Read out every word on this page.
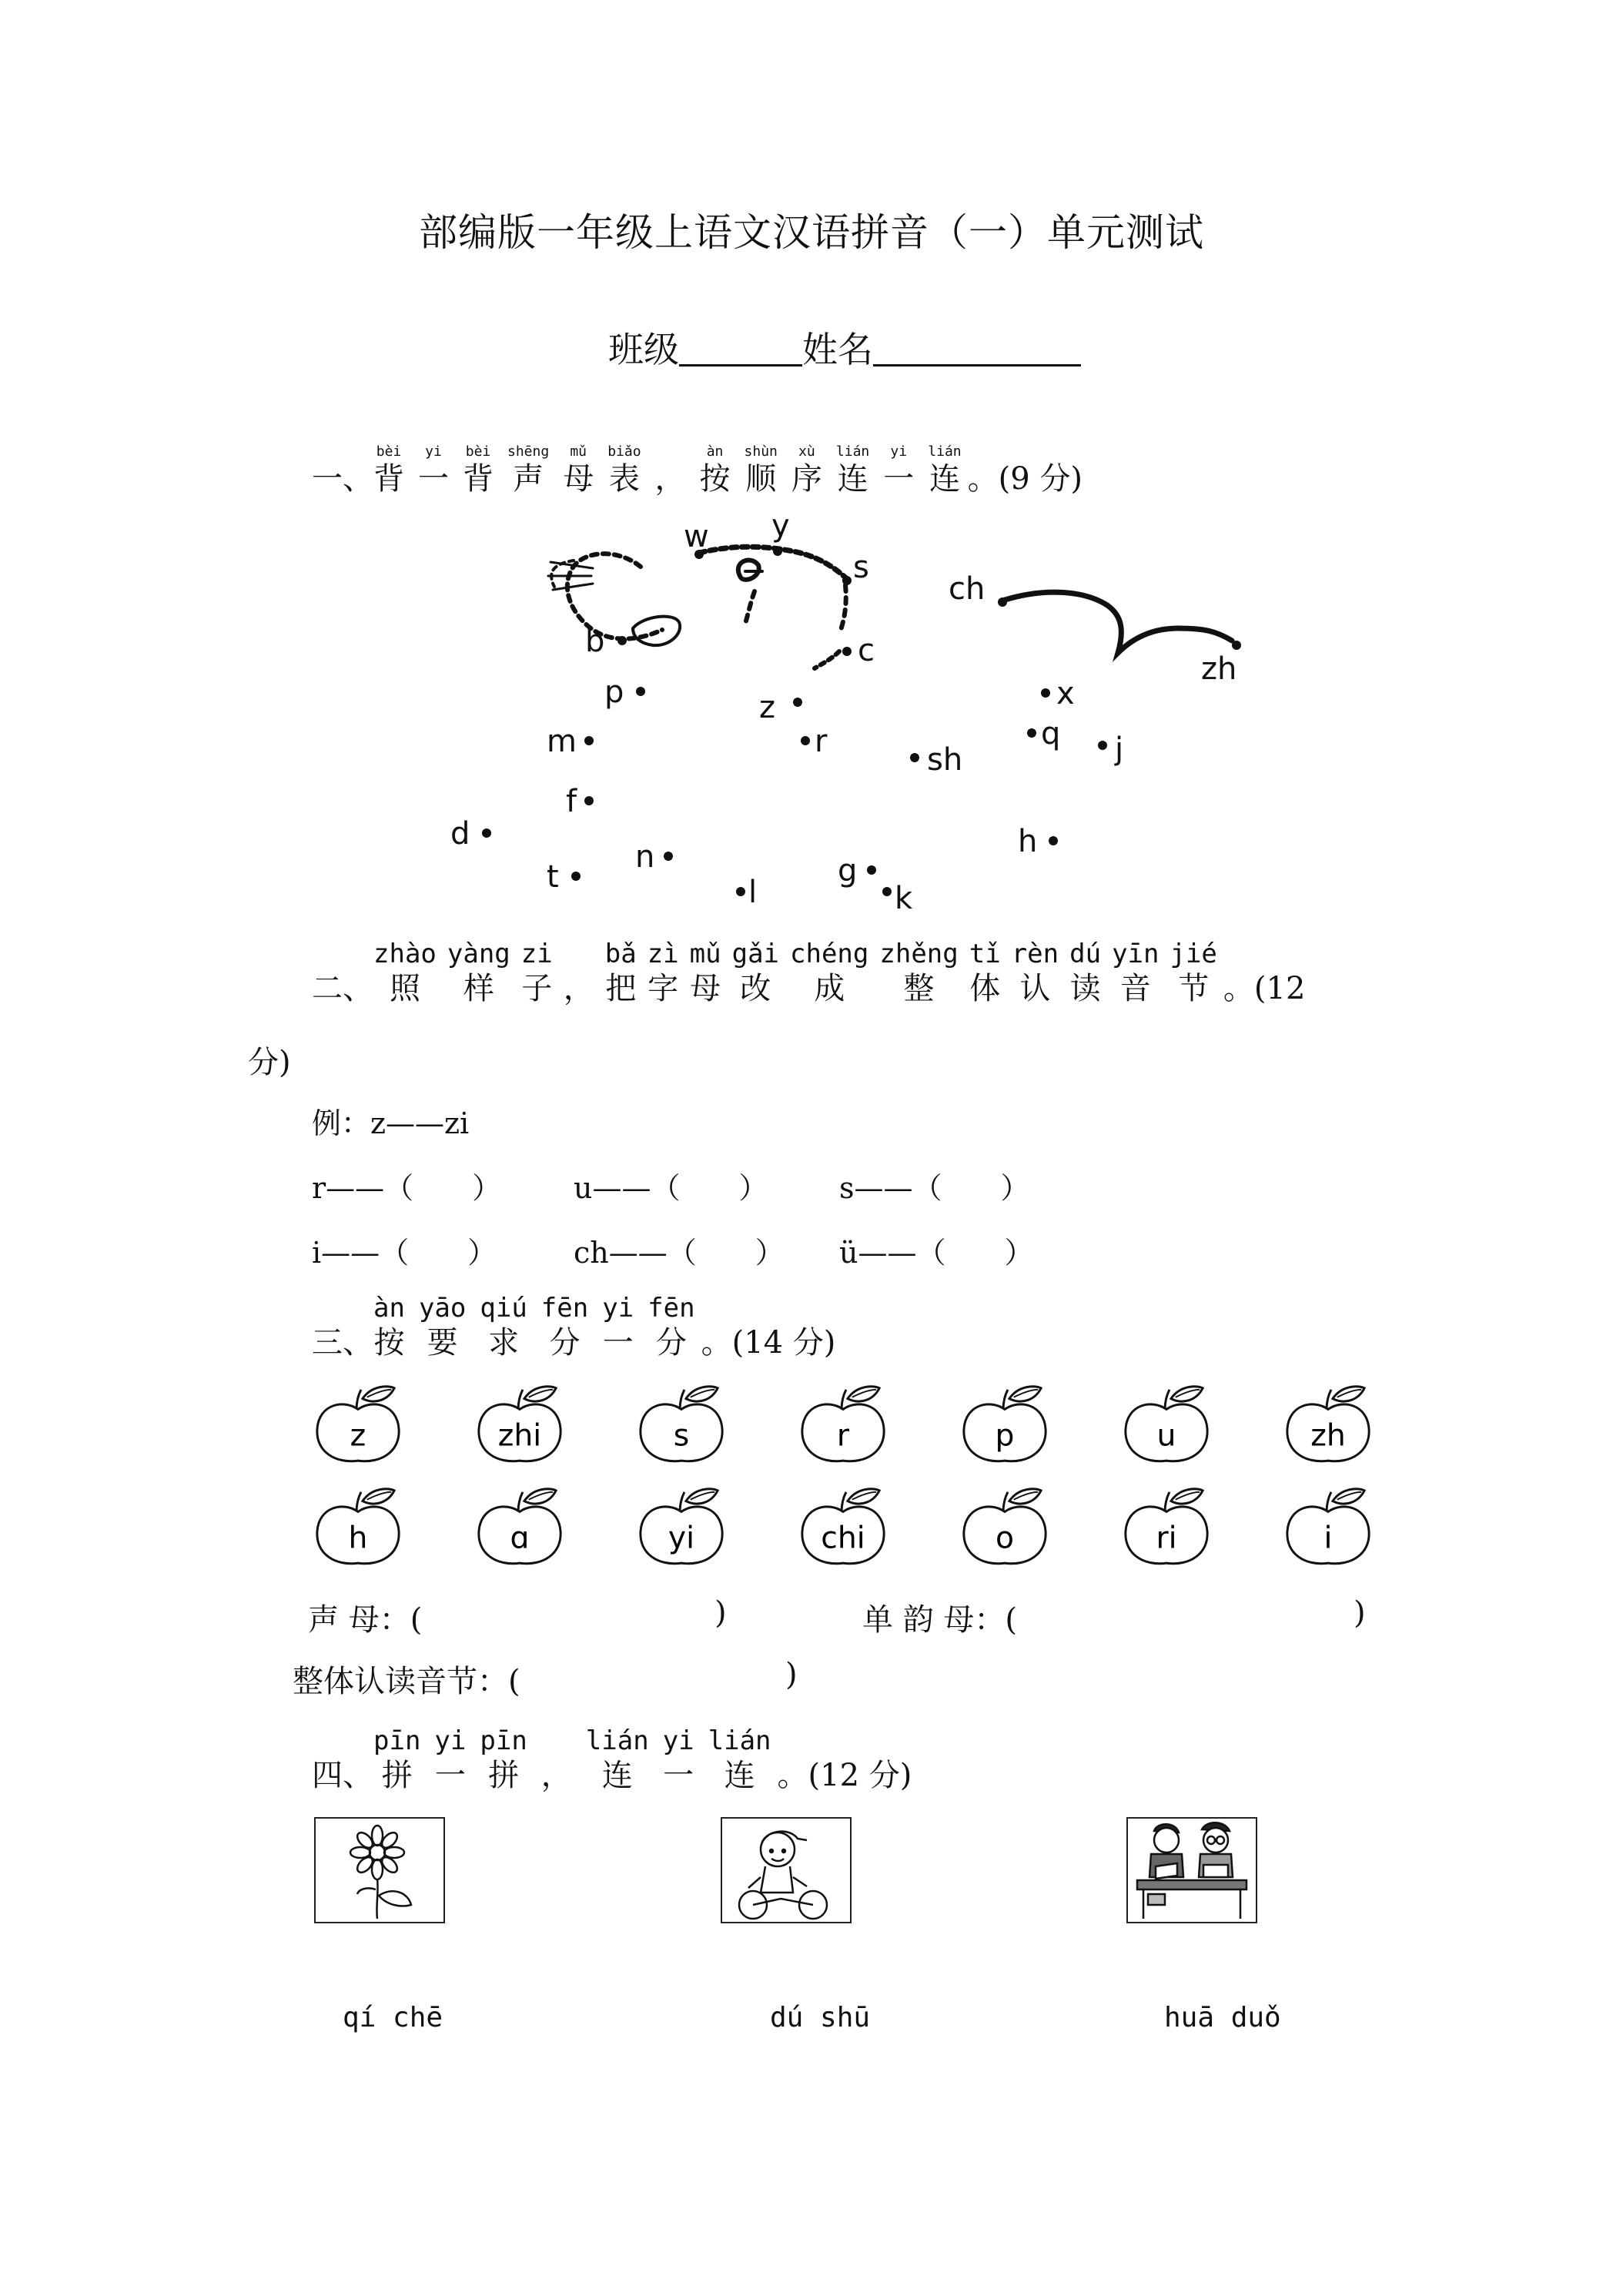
部编版一年级上语文汉语拼音（一）单元测试
班级	姓名
一、
bèi
背
yi
一
bèi
背
shēng
声
mǔ
母
biǎo
表 ，
àn
按
shùn
顺
xù
序
lián
连
yi
一
lián
连 。(9 分)
b
p
m
f
d
t
n
l
g
k
h
j
q
x
zh
ch
sh
r
z
c
s
y
w
二、
zhào
照
yàng
样
zi
子 ，
bǎ
把
zì
字
mǔ
母
gǎi
改
chéng
成
zhěng
整
tǐ
体
rèn
认
dú
读
yīn
音
jié
节 。(12
分)
例：z——zi
r——（　　） u——（　　） s——（　　）
i——（　　）	ch——（　　） ü——（　　）
三、
àn
按
yāo
要
qiú
求
fēn
分
yi
一
fēn
分 。(14 分)
z	zhi	s	r	p	u	zh
h	ɑ	yi	chi	o	ri	i
声 母：(	)	单 韵 母：(	)
整体认读音节：(	)
四、
pīn
拼
yi
一
pīn
拼 ，
lián
连
yi
一
lián
连 。(12 分)
qí chē	dú shū	huā duǒ
